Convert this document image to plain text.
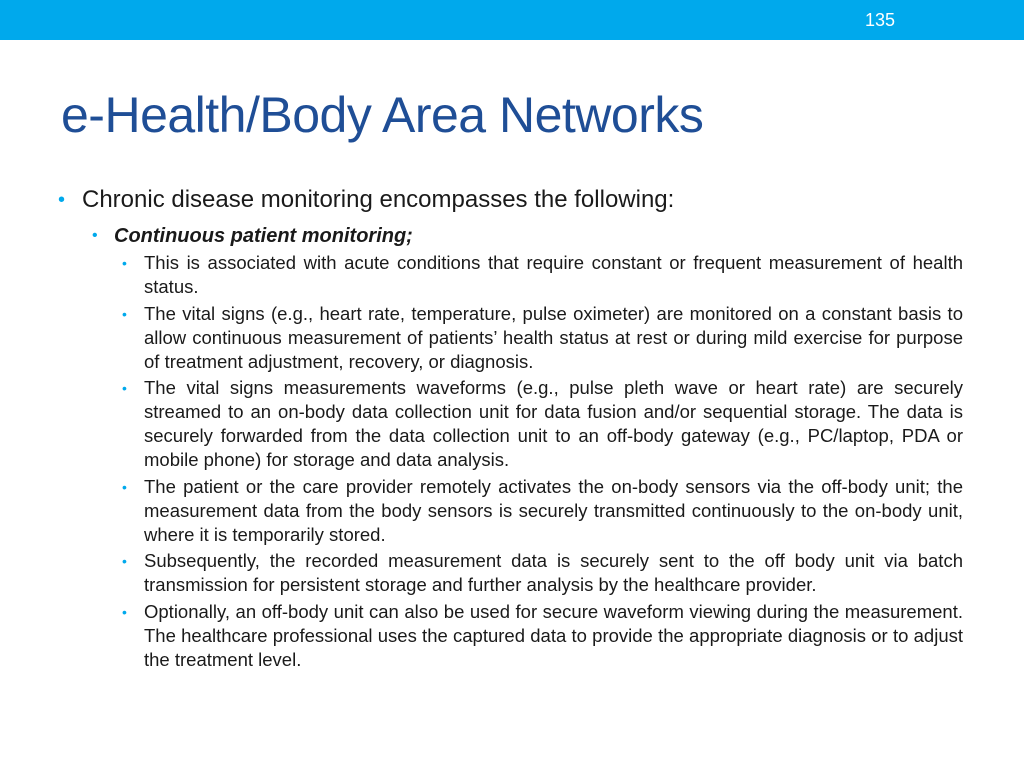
135
e-Health/Body Area Networks
• Chronic disease monitoring encompasses the following:
• Continuous patient monitoring;
• This is associated with acute conditions that require constant or frequent measurement of health status.
• The vital signs (e.g., heart rate, temperature, pulse oximeter) are monitored on a constant basis to allow continuous measurement of patients’ health status at rest or during mild exercise for purpose of treatment adjustment, recovery, or diagnosis.
• The vital signs measurements waveforms (e.g., pulse pleth wave or heart rate) are securely streamed to an on-body data collection unit for data fusion and/or sequential storage. The data is securely forwarded from the data collection unit to an off-body gateway (e.g., PC/laptop, PDA or mobile phone) for storage and data analysis.
• The patient or the care provider remotely activates the on-body sensors via the off-body unit; the measurement data from the body sensors is securely transmitted continuously to the on-body unit, where it is temporarily stored.
• Subsequently, the recorded measurement data is securely sent to the off body unit via batch transmission for persistent storage and further analysis by the healthcare provider.
• Optionally, an off-body unit can also be used for secure waveform viewing during the measurement. The healthcare professional uses the captured data to provide the appropriate diagnosis or to adjust the treatment level.
